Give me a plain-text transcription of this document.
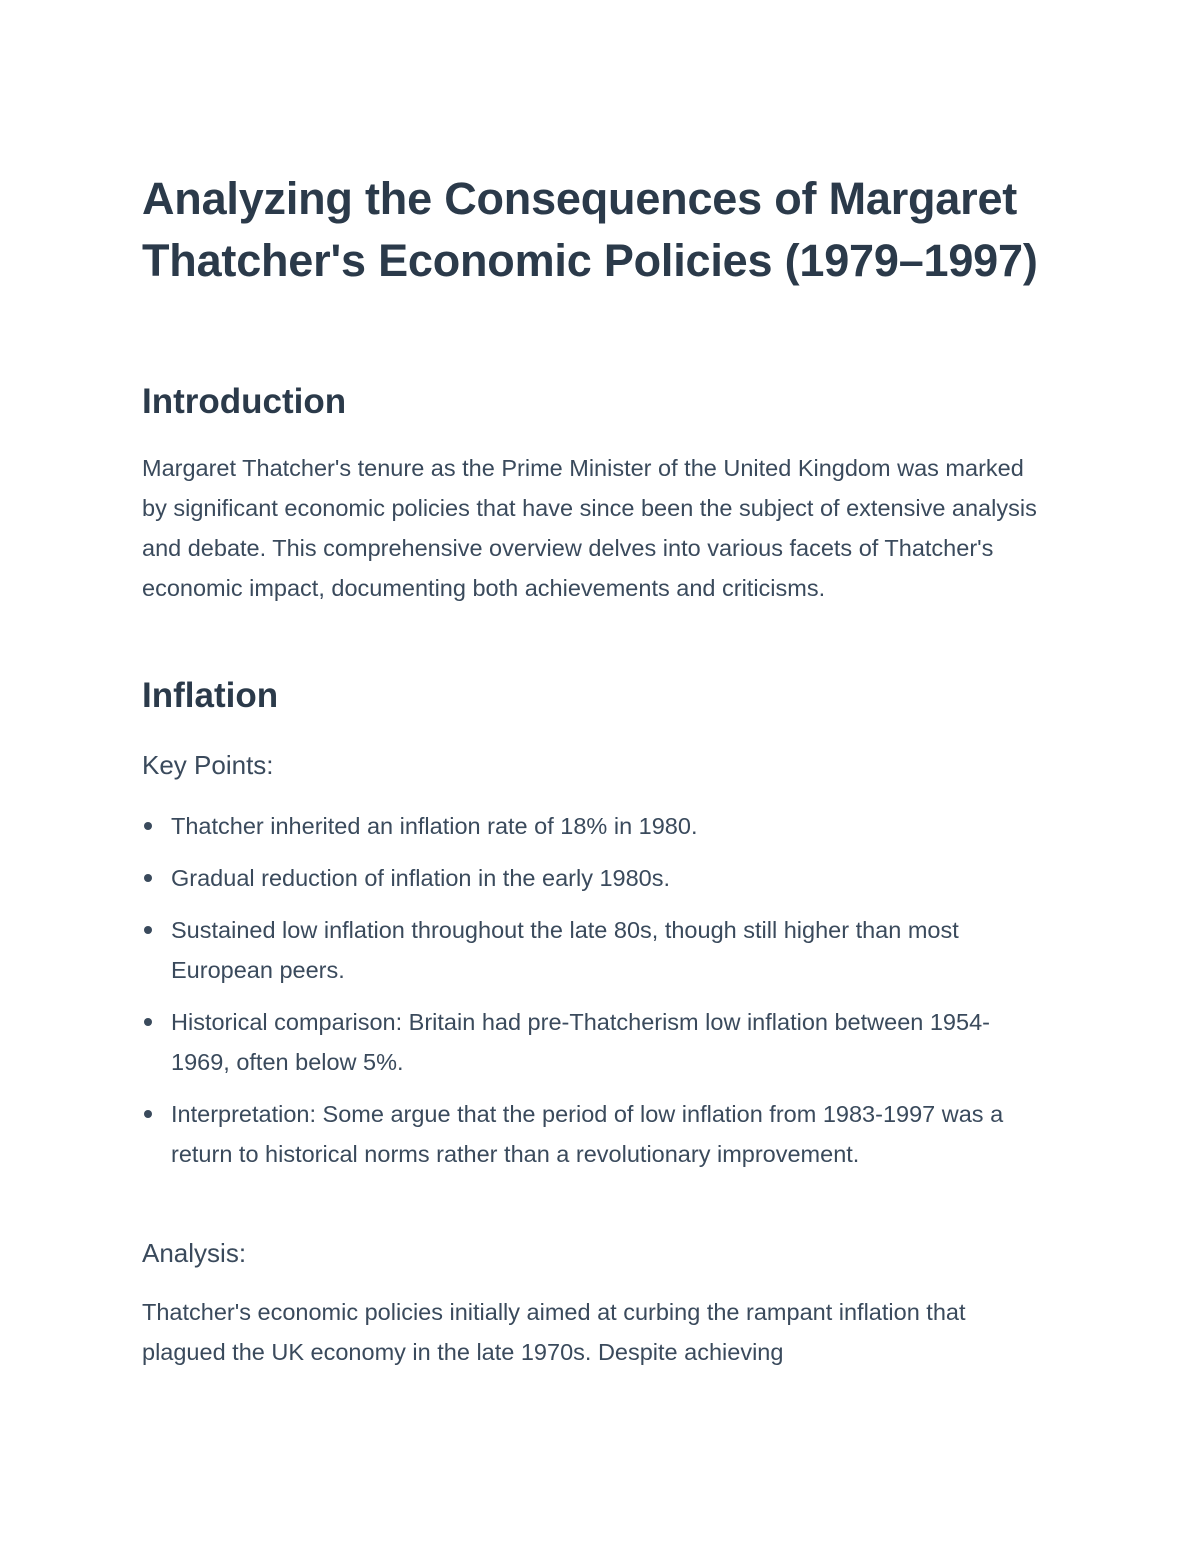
Analyzing the Consequences of Margaret Thatcher's Economic Policies (1979–1997)
Introduction

Margaret Thatcher's tenure as the Prime Minister of the United Kingdom was marked by significant economic policies that have since been the subject of extensive analysis and debate. This comprehensive overview delves into various facets of Thatcher's economic impact, documenting both achievements and criticisms.

Inflation
Key Points:
Thatcher inherited an inflation rate of 18% in 1980.
Gradual reduction of inflation in the early 1980s.
Sustained low inflation throughout the late 80s, though still higher than most European peers.
Historical comparison: Britain had pre-Thatcherism low inflation between 1954-1969, often below 5%.
Interpretation: Some argue that the period of low inflation from 1983-1997 was a return to historical norms rather than a revolutionary improvement.
Analysis:

Thatcher's economic policies initially aimed at curbing the rampant inflation that plagued the UK economy in the late 1970s. Despite achieving
